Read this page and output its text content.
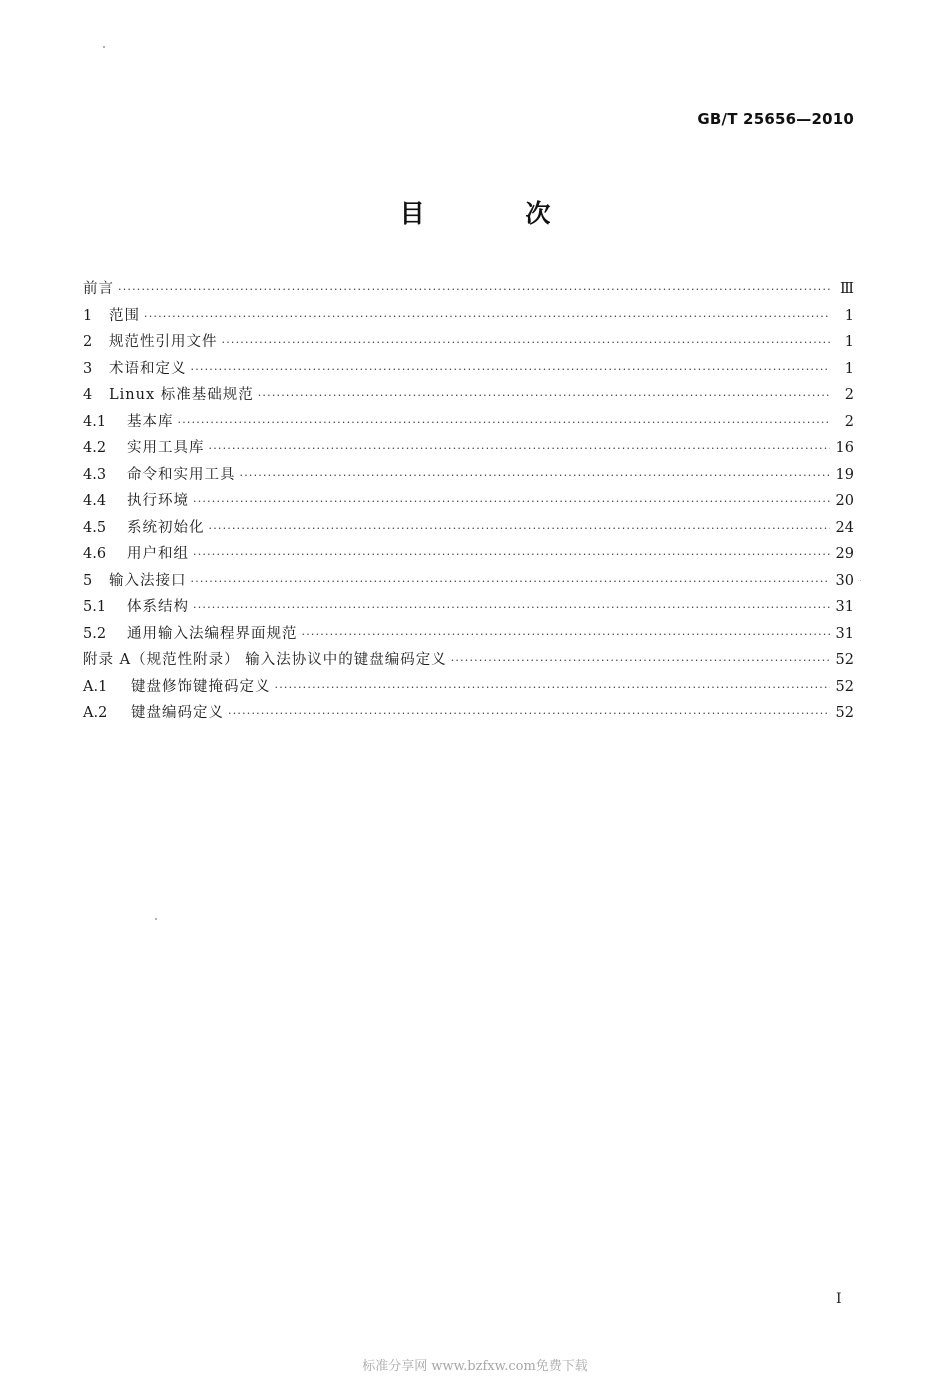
GB/T 25656—2010
目 次
前言 ·····	Ⅲ
1	范围 ·····	1
2	规范性引用文件 ·····	1
3	术语和定义 ·····	1
4	Linux 标准基础规范 ·····	2
4.1	基本库 ·····	2
4.2	实用工具库 ·····	16
4.3	命令和实用工具 ·····	19
4.4	执行环境 ·····	20
4.5	系统初始化 ·····	24
4.6	用户和组 ·····	29
5	输入法接口 ·····	30
5.1	体系结构 ·····	31
5.2	通用输入法编程界面规范 ·····	31
附录 A（规范性附录） 输入法协议中的键盘编码定义 ·····	52
A.1	键盘修饰键掩码定义 ·····	52
A.2	键盘编码定义 ·····	52
I
标准分享网 www.bzfxw.com免费下载
